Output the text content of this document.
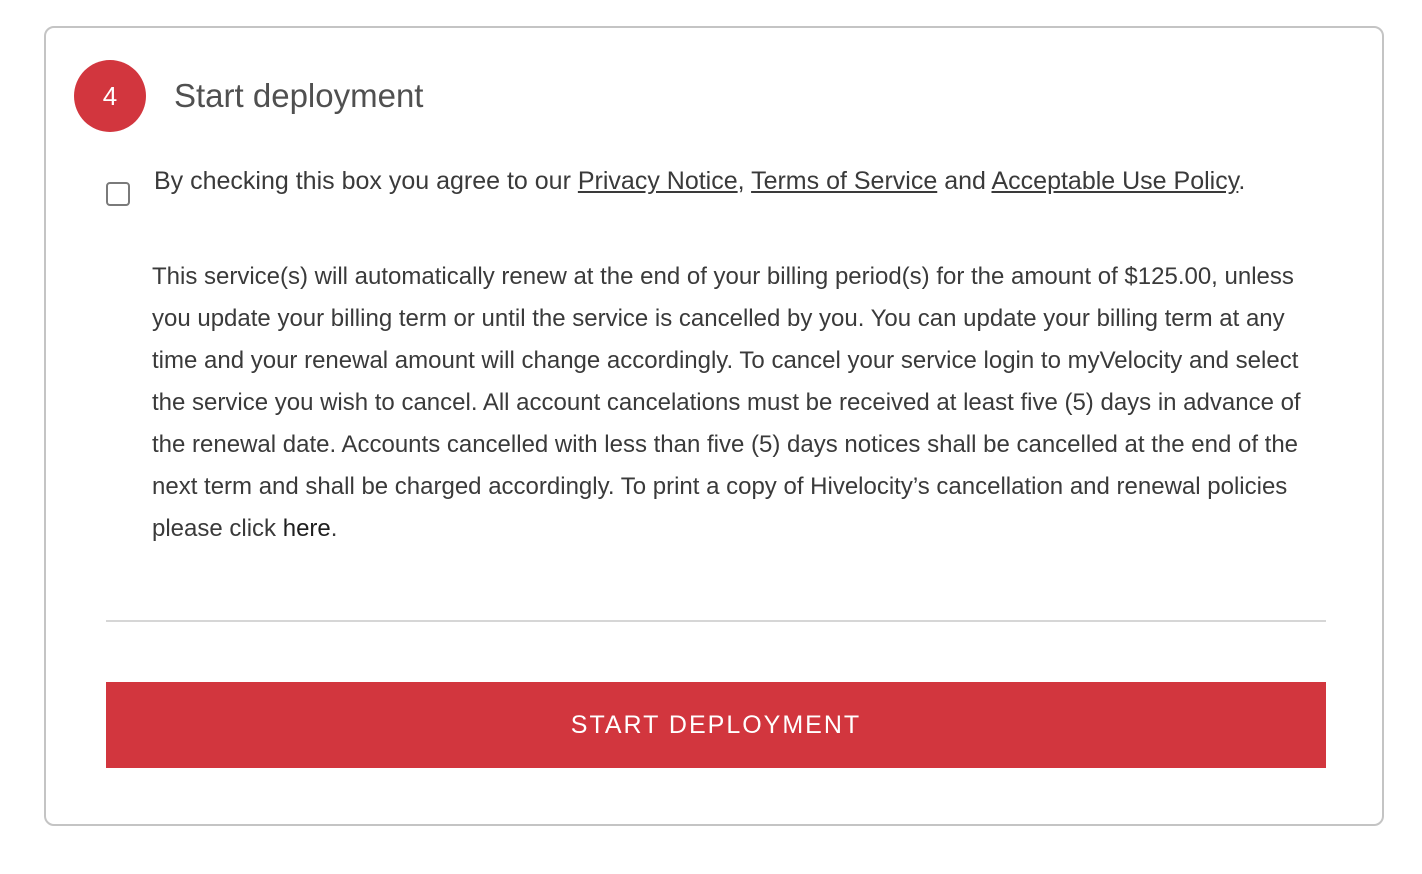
4 Start deployment
By checking this box you agree to our Privacy Notice, Terms of Service and Acceptable Use Policy.
This service(s) will automatically renew at the end of your billing period(s) for the amount of $125.00, unless you update your billing term or until the service is cancelled by you. You can update your billing term at any time and your renewal amount will change accordingly. To cancel your service login to myVelocity and select the service you wish to cancel. All account cancelations must be received at least five (5) days in advance of the renewal date. Accounts cancelled with less than five (5) days notices shall be cancelled at the end of the next term and shall be charged accordingly. To print a copy of Hivelocity’s cancellation and renewal policies please click here.
START DEPLOYMENT
